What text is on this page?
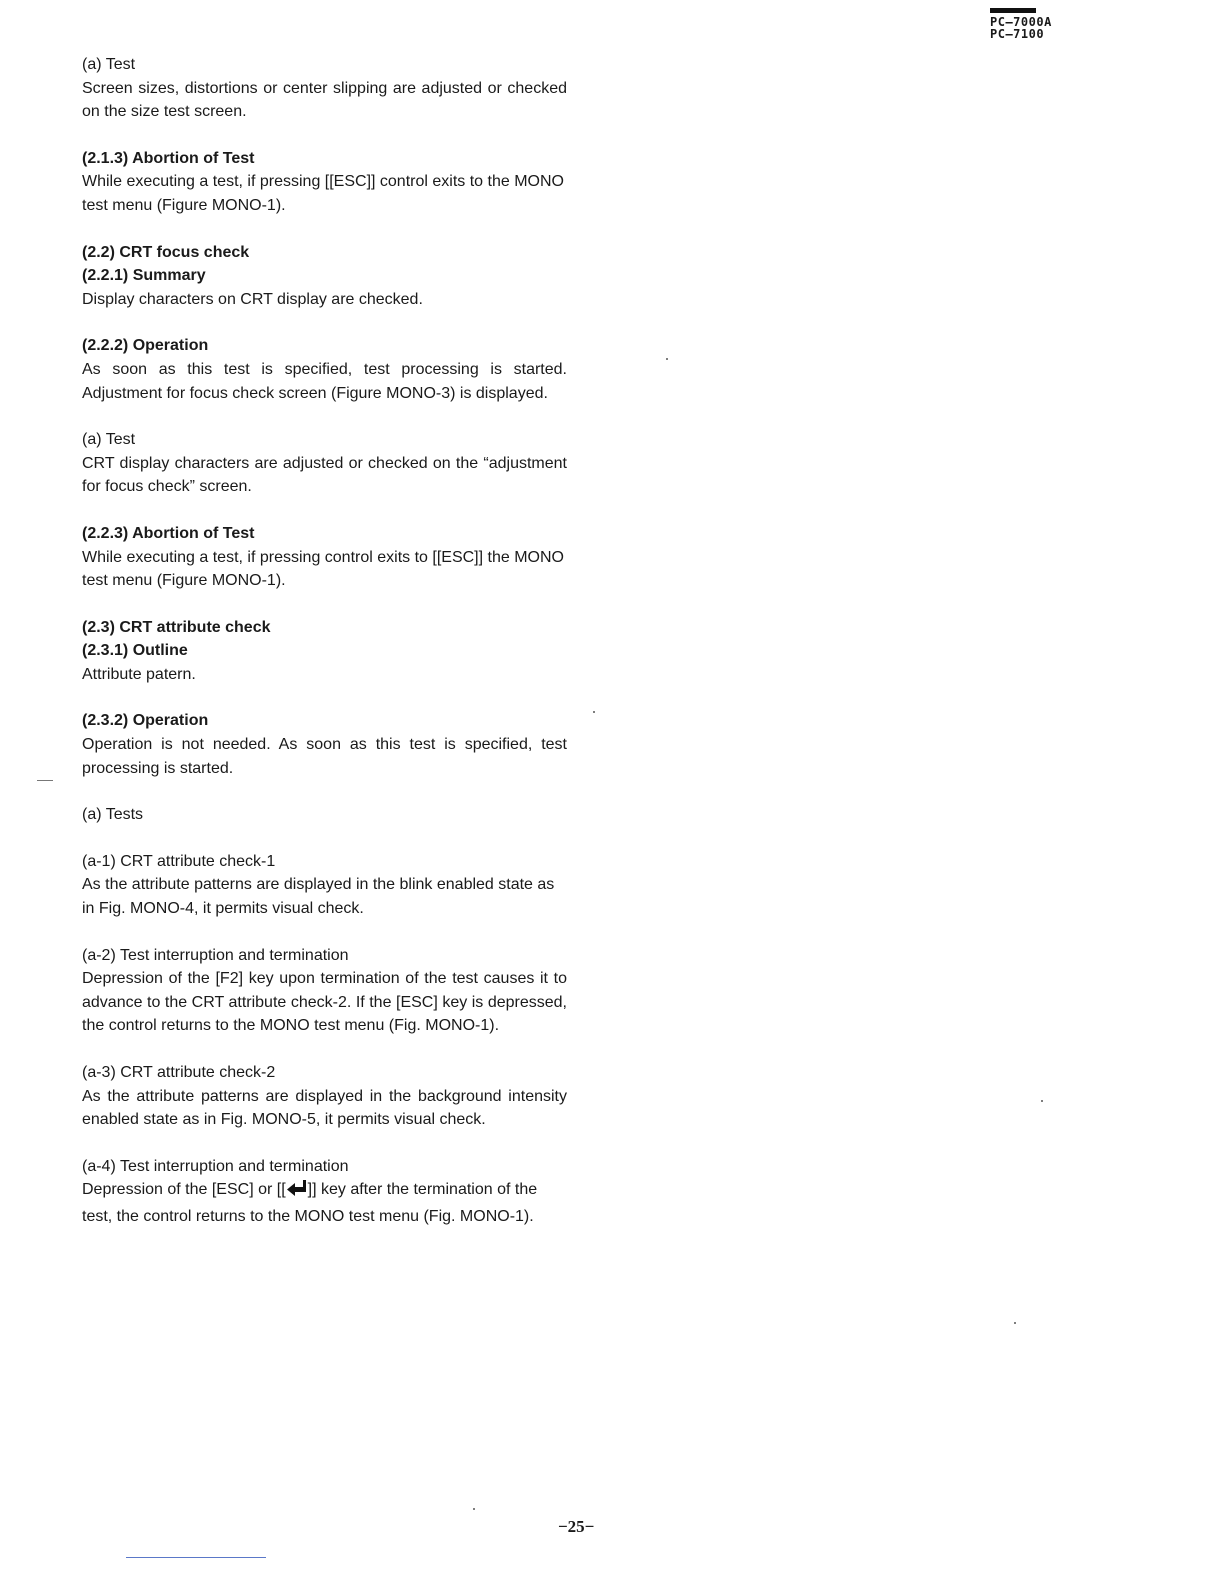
PC—7000A
PC—7100

(a) Test

Screen sizes, distortions or center slipping are adjusted or checked on the size test screen.

(2.1.3) Abortion of Test

While executing a test, if pressing [[ESC]] control exits to the MONO test menu (Figure MONO-1).

(2.2) CRT focus check

(2.2.1) Summary

Display characters on CRT display are checked.

(2.2.2) Operation

As soon as this test is specified, test processing is started. Adjustment for focus check screen (Figure MONO-3) is displayed.

(a) Test

CRT display characters are adjusted or checked on the “adjustment for focus check” screen.

(2.2.3) Abortion of Test

While executing a test, if pressing control exits to [[ESC]] the MONO test menu (Figure MONO-1).

(2.3) CRT attribute check

(2.3.1) Outline

Attribute patern.

(2.3.2) Operation

Operation is not needed. As soon as this test is specified, test processing is started.

(a) Tests

(a-1) CRT attribute check-1

As the attribute patterns are displayed in the blink enabled state as in Fig. MONO-4, it permits visual check.

(a-2) Test interruption and termination

Depression of the [F2] key upon termination of the test causes it to advance to the CRT attribute check-2. If the [ESC] key is depressed, the control returns to the MONO test menu (Fig. MONO-1).

(a-3) CRT attribute check-2

As the attribute patterns are displayed in the background intensity enabled state as in Fig. MONO-5, it permits visual check.

(a-4) Test interruption and termination

Depression of the [ESC] or [[ ]] key after the termination of the test, the control returns to the MONO test menu (Fig. MONO-1).

−25−
